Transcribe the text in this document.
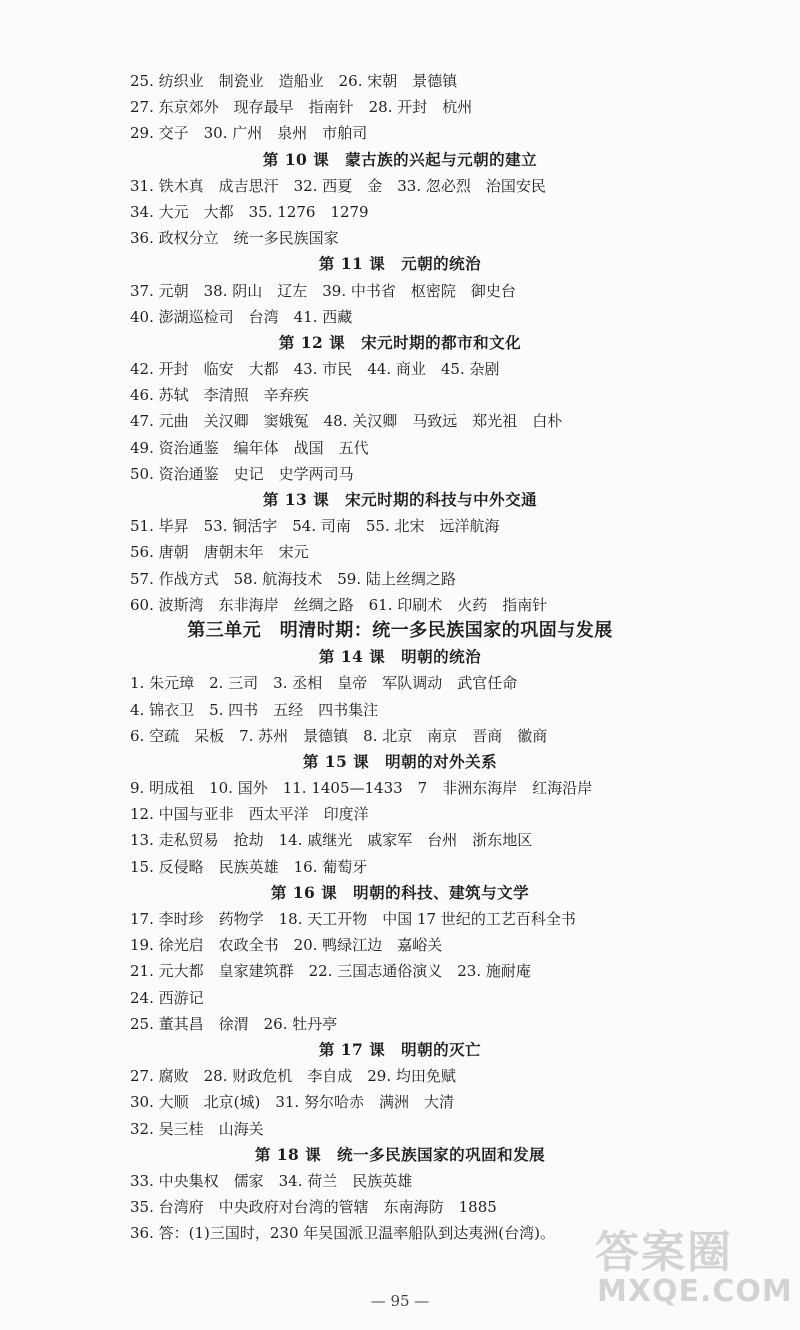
25. 纺织业　制瓷业　造船业　26. 宋朝　景德镇
27. 东京郊外　现存最早　指南针　28. 开封　杭州
29. 交子　30. 广州　泉州　市舶司
第 10 课　蒙古族的兴起与元朝的建立
31. 铁木真　成吉思汗　32. 西夏　金　33. 忽必烈　治国安民
34. 大元　大都　35. 1276　1279
36. 政权分立　统一多民族国家
第 11 课　元朝的统治
37. 元朝　38. 阴山　辽左　39. 中书省　枢密院　御史台
40. 澎湖巡检司　台湾　41. 西藏
第 12 课　宋元时期的都市和文化
42. 开封　临安　大都　43. 市民　44. 商业　45. 杂剧
46. 苏轼　李清照　辛弃疾
47. 元曲　关汉卿　窦娥冤　48. 关汉卿　马致远　郑光祖　白朴
49. 资治通鉴　编年体　战国　五代
50. 资治通鉴　史记　史学两司马
第 13 课　宋元时期的科技与中外交通
51. 毕昇　53. 铜活字　54. 司南　55. 北宋　远洋航海
56. 唐朝　唐朝末年　宋元
57. 作战方式　58. 航海技术　59. 陆上丝绸之路
60. 波斯湾　东非海岸　丝绸之路　61. 印刷术　火药　指南针
第三单元　明清时期：统一多民族国家的巩固与发展
第 14 课　明朝的统治
1. 朱元璋　2. 三司　3. 丞相　皇帝　军队调动　武官任命
4. 锦衣卫　5. 四书　五经　四书集注
6. 空疏　呆板　7. 苏州　景德镇　8. 北京　南京　晋商　徽商
第 15 课　明朝的对外关系
9. 明成祖　10. 国外　11. 1405—1433　7　非洲东海岸　红海沿岸
12. 中国与亚非　西太平洋　印度洋
13. 走私贸易　抢劫　14. 戚继光　戚家军　台州　浙东地区
15. 反侵略　民族英雄　16. 葡萄牙
第 16 课　明朝的科技、建筑与文学
17. 李时珍　药物学　18. 天工开物　中国 17 世纪的工艺百科全书
19. 徐光启　农政全书　20. 鸭绿江边　嘉峪关
21. 元大都　皇家建筑群　22. 三国志通俗演义　23. 施耐庵
24. 西游记
25. 董其昌　徐渭　26. 牡丹亭
第 17 课　明朝的灭亡
27. 腐败　28. 财政危机　李自成　29. 均田免赋
30. 大顺　北京(城)　31. 努尔哈赤　满洲　大清
32. 吴三桂　山海关
第 18 课　统一多民族国家的巩固和发展
33. 中央集权　儒家　34. 荷兰　民族英雄
35. 台湾府　中央政府对台湾的管辖　东南海防　1885
36. 答：(1)三国时，230 年吴国派卫温率船队到达夷洲(台湾)。
— 95 —
答案圈
MXQE.COM
